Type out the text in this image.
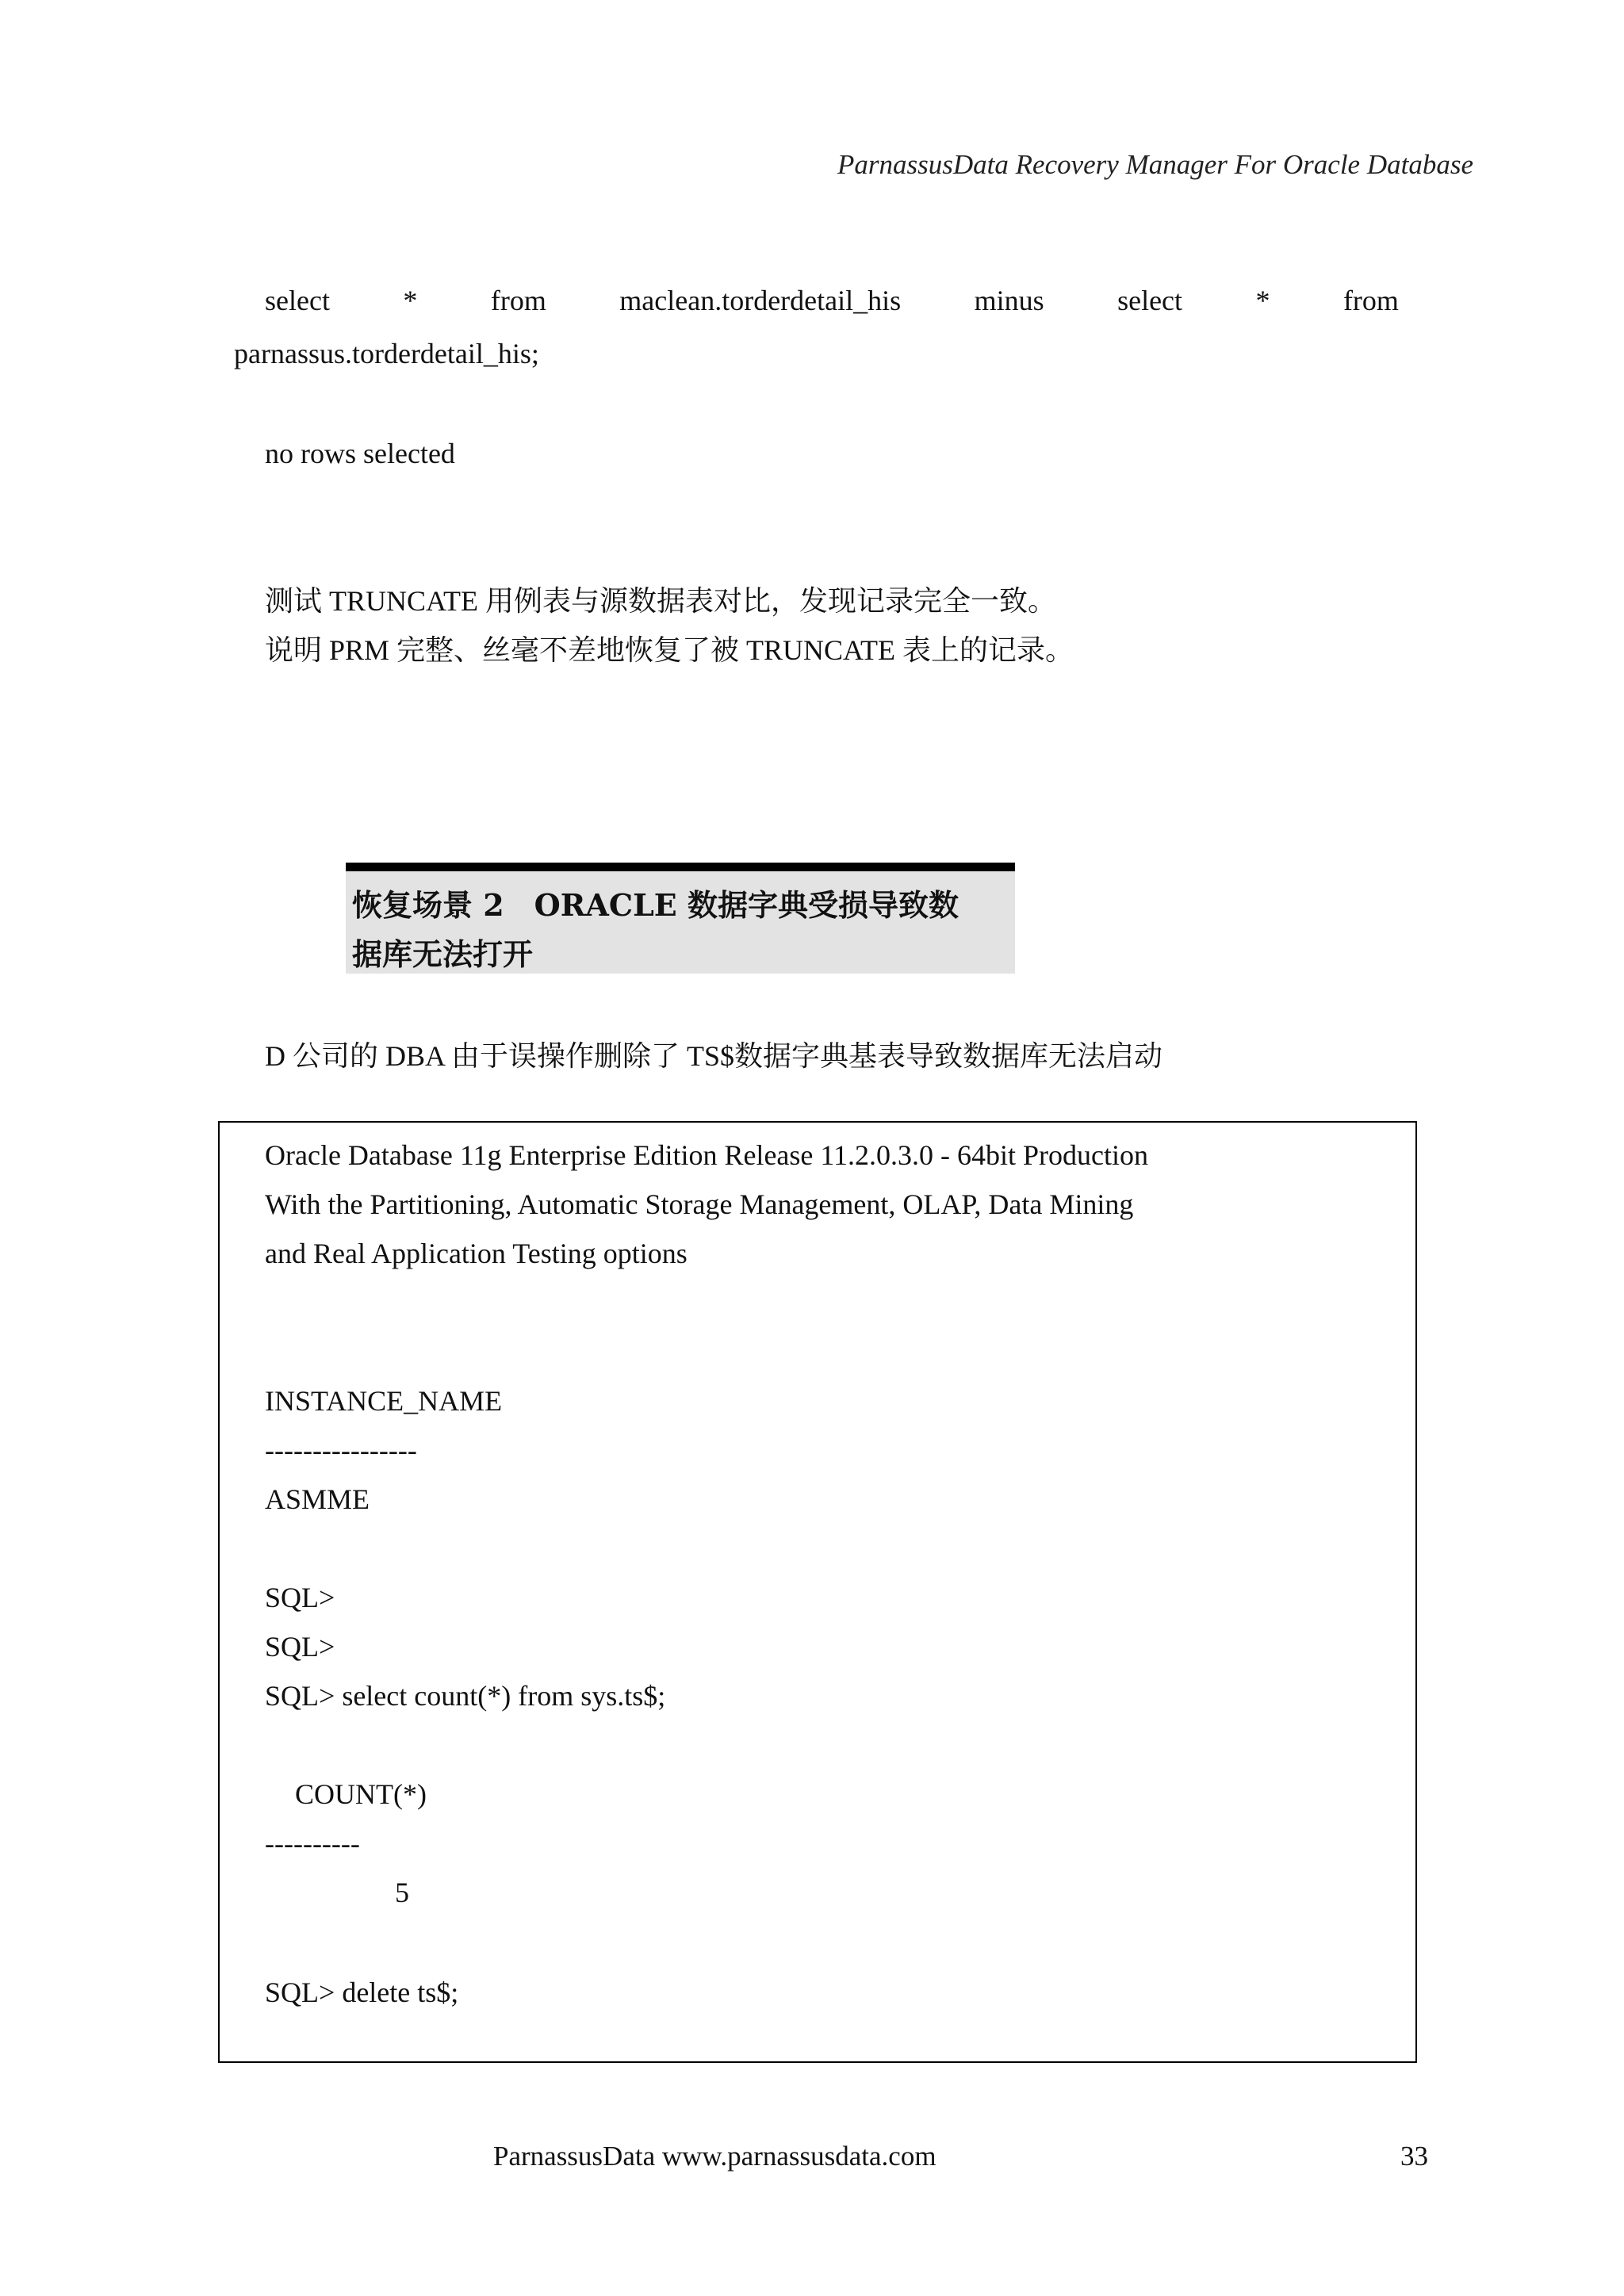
ParnassusData Recovery Manager For Oracle Database
select	*	from	maclean.torderdetail_his	minus	select	*	from
parnassus.torderdetail_his;
no rows selected
测试 TRUNCATE 用例表与源数据表对比，发现记录完全一致。
说明 PRM 完整、丝毫不差地恢复了被 TRUNCATE 表上的记录。
恢复场景 2　ORACLE 数据字典受损导致数
据库无法打开
D 公司的 DBA 由于误操作删除了 TS$数据字典基表导致数据库无法启动
Oracle Database 11g Enterprise Edition Release 11.2.0.3.0 - 64bit Production
With the Partitioning, Automatic Storage Management, OLAP, Data Mining
and Real Application Testing options
INSTANCE_NAME
----------------
ASMME
SQL>
SQL>
SQL> select count(*) from sys.ts$;
COUNT(*)
----------
5
SQL> delete ts$;
ParnassusData www.parnassusdata.com	33
